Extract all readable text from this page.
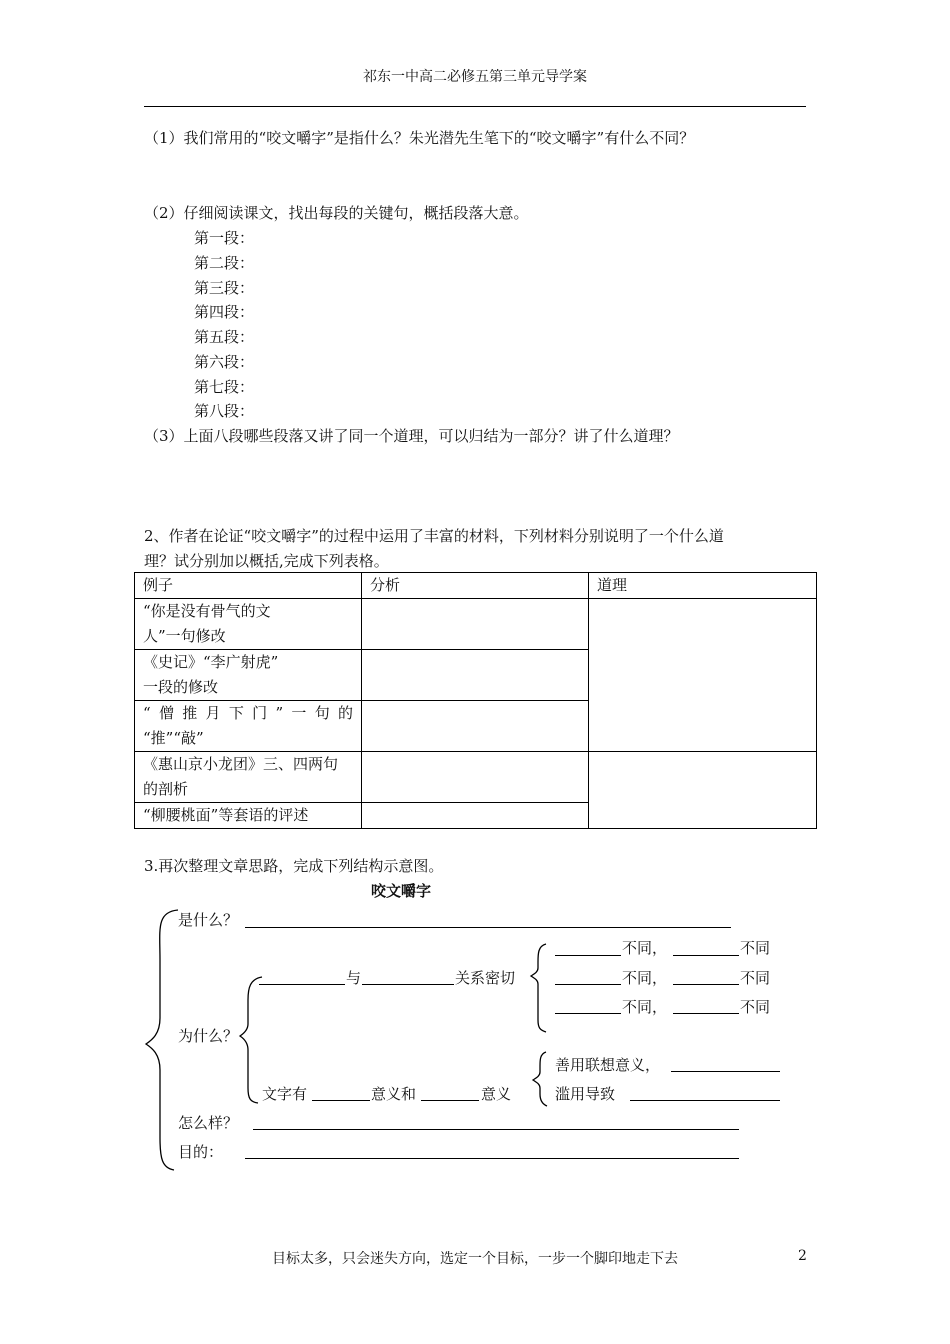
祁东一中高二必修五第三单元导学案
（1）我们常用的“咬文嚼字”是指什么？朱光潜先生笔下的“咬文嚼字”有什么不同？
（2）仔细阅读课文，找出每段的关键句，概括段落大意。
第一段：
第二段：
第三段：
第四段：
第五段：
第六段：
第七段：
第八段：
（3）上面八段哪些段落又讲了同一个道理，可以归结为一部分？讲了什么道理？
2、作者在论证“咬文嚼字”的过程中运用了丰富的材料，下列材料分别说明了一个什么道
理？试分别加以概括,完成下列表格。
例子	分析	道理

“你是没有骨气的文
人”一句修改		

《史记》“李广射虎”
一段的修改		

“僧推月下门”一句的
“推”“敲”		

《惠山京小龙团》三、四两句
的剖析		

“柳腰桃面”等套语的评述		

3.再次整理文章思路，完成下列结构示意图。
咬文嚼字
是什么？
与	关系密切
不同，	不同
不同，	不同
不同，	不同
为什么？
文字有	意义和	意义
善用联想意义，
滥用导致
怎么样？
目的：
目标太多，只会迷失方向，选定一个目标，一步一个脚印地走下去	2
